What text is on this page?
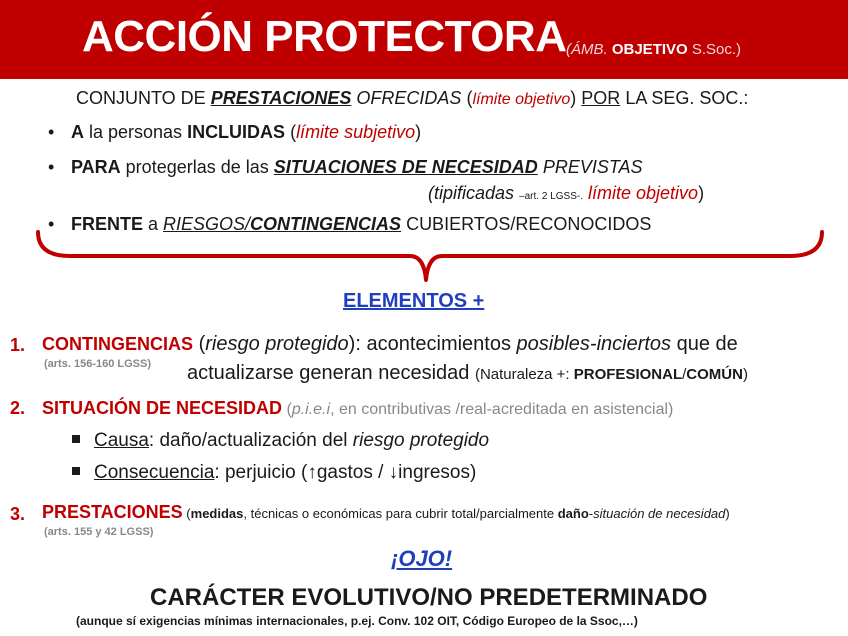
ACCIÓN PROTECTORA (ÁMB. OBJETIVO S.Soc.)
CONJUNTO DE PRESTACIONES OFRECIDAS (límite objetivo) POR LA SEG. SOC.:
• A la personas INCLUIDAS (límite subjetivo)
• PARA protegerlas de las SITUACIONES DE NECESIDAD PREVISTAS
(tipificadas –art. 2 LGSS-. límite objetivo)
• FRENTE a RIESGOS/CONTINGENCIAS CUBIERTOS/RECONOCIDOS
ELEMENTOS +
1. CONTINGENCIAS (riesgo protegido): acontecimientos posibles-inciertos que de
(arts. 156-160 LGSS) actualizarse generan necesidad (Naturaleza +: PROFESIONAL/COMÚN)
2. SITUACIÓN DE NECESIDAD (p.i.e.i, en contributivas /real-acreditada en asistencial)
Causa: daño/actualización del riesgo protegido
Consecuencia: perjuicio (↑gastos / ↓ingresos)
3. PRESTACIONES (medidas, técnicas o económicas para cubrir total/parcialmente daño-situación de necesidad)
(arts. 155 y 42 LGSS)
¡OJO!
CARÁCTER EVOLUTIVO/NO PREDETERMINADO
(aunque sí exigencias mínimas internacionales, p.ej. Conv. 102 OIT, Código Europeo de la Ssoc,…)
